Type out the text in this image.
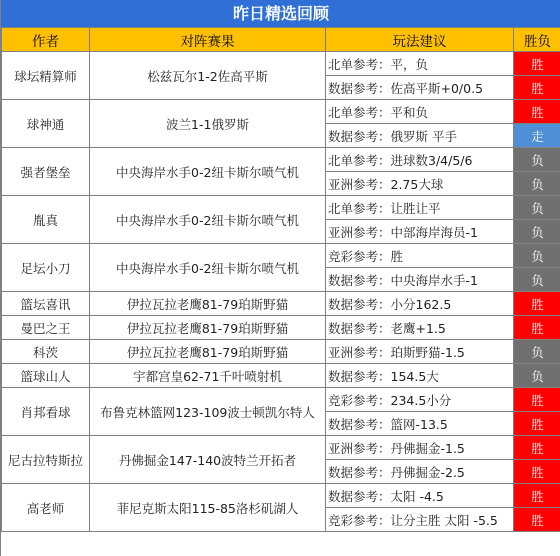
昨日精选回顾
作者	对阵赛果	玩法建议	胜负
球坛精算师	松兹瓦尔1-2佐高平斯	北单参考：平，负	胜
		数据参考：佐高平斯+0/0.5	胜
球神通	波兰1-1俄罗斯	北单参考：平和负	胜
		数据参考：俄罗斯 平手	走
强者堡垒	中央海岸水手0-2纽卡斯尔喷气机	北单参考：进球数3/4/5/6	负
		亚洲参考：2.75大球	负
胤真	中央海岸水手0-2纽卡斯尔喷气机	北单参考：让胜让平	负
		亚洲参考：中部海岸海员-1	负
足坛小刀	中央海岸水手0-2纽卡斯尔喷气机	竞彩参考：胜	负
		数据参考：中央海岸水手-1	负
篮坛喜讯	伊拉瓦拉老鹰81-79珀斯野猫	数据参考：小分162.5	胜
曼巴之王	伊拉瓦拉老鹰81-79珀斯野猫	数据参考：老鹰+1.5	胜
科茨	伊拉瓦拉老鹰81-79珀斯野猫	亚洲参考：珀斯野猫-1.5	负
篮球山人	宇都宫皇62-71千叶喷射机	数据参考：154.5大	负
肖邦看球	布鲁克林篮网123-109波士顿凯尔特人	竞彩参考：234.5小分	胜
		数据参考：篮网-13.5	胜
尼古拉特斯拉	丹佛掘金147-140波特兰开拓者	亚洲参考：丹佛掘金-1.5	胜
		数据参考：丹佛掘金-2.5	胜
高老师	菲尼克斯太阳115-85洛杉矶湖人	数据参考：太阳 -4.5	胜
		竞彩参考：让分主胜 太阳 -5.5	胜
